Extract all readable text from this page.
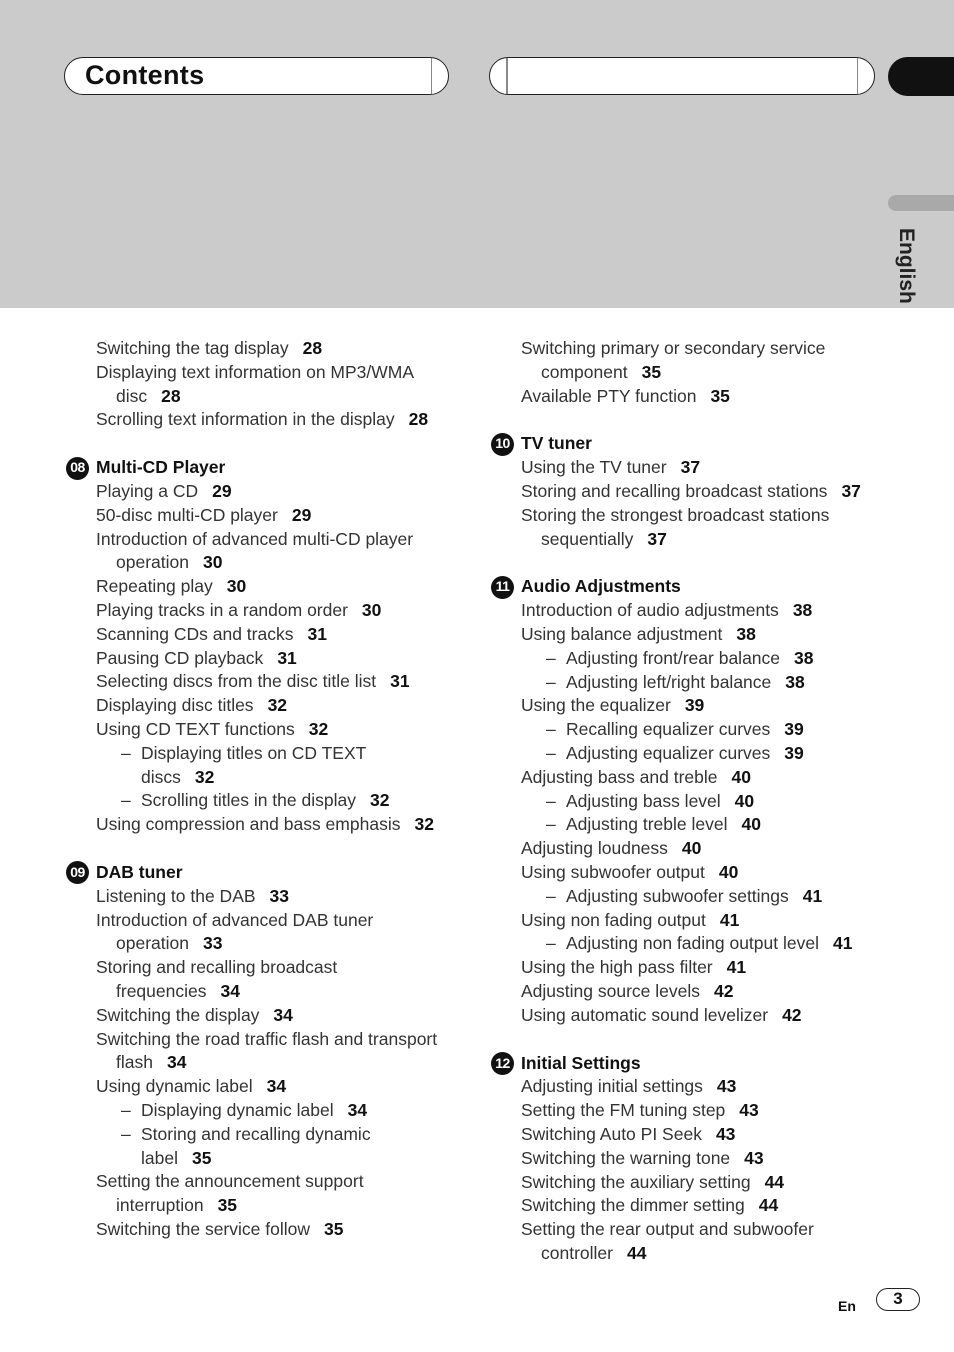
Contents
English
Switching the tag display 28
Displaying text information on MP3/WMA
disc 28
Scrolling text information in the display 28
08 Multi-CD Player
Playing a CD 29
50-disc multi-CD player 29
Introduction of advanced multi-CD player
operation 30
Repeating play 30
Playing tracks in a random order 30
Scanning CDs and tracks 31
Pausing CD playback 31
Selecting discs from the disc title list 31
Displaying disc titles 32
Using CD TEXT functions 32
– Displaying titles on CD TEXT
discs 32
– Scrolling titles in the display 32
Using compression and bass emphasis 32
09 DAB tuner
Listening to the DAB 33
Introduction of advanced DAB tuner
operation 33
Storing and recalling broadcast
frequencies 34
Switching the display 34
Switching the road traffic flash and transport
flash 34
Using dynamic label 34
– Displaying dynamic label 34
– Storing and recalling dynamic
label 35
Setting the announcement support
interruption 35
Switching the service follow 35
Switching primary or secondary service
component 35
Available PTY function 35
10 TV tuner
Using the TV tuner 37
Storing and recalling broadcast stations 37
Storing the strongest broadcast stations
sequentially 37
11 Audio Adjustments
Introduction of audio adjustments 38
Using balance adjustment 38
– Adjusting front/rear balance 38
– Adjusting left/right balance 38
Using the equalizer 39
– Recalling equalizer curves 39
– Adjusting equalizer curves 39
Adjusting bass and treble 40
– Adjusting bass level 40
– Adjusting treble level 40
Adjusting loudness 40
Using subwoofer output 40
– Adjusting subwoofer settings 41
Using non fading output 41
– Adjusting non fading output level 41
Using the high pass filter 41
Adjusting source levels 42
Using automatic sound levelizer 42
12 Initial Settings
Adjusting initial settings 43
Setting the FM tuning step 43
Switching Auto PI Seek 43
Switching the warning tone 43
Switching the auxiliary setting 44
Switching the dimmer setting 44
Setting the rear output and subwoofer
controller 44
En	3
